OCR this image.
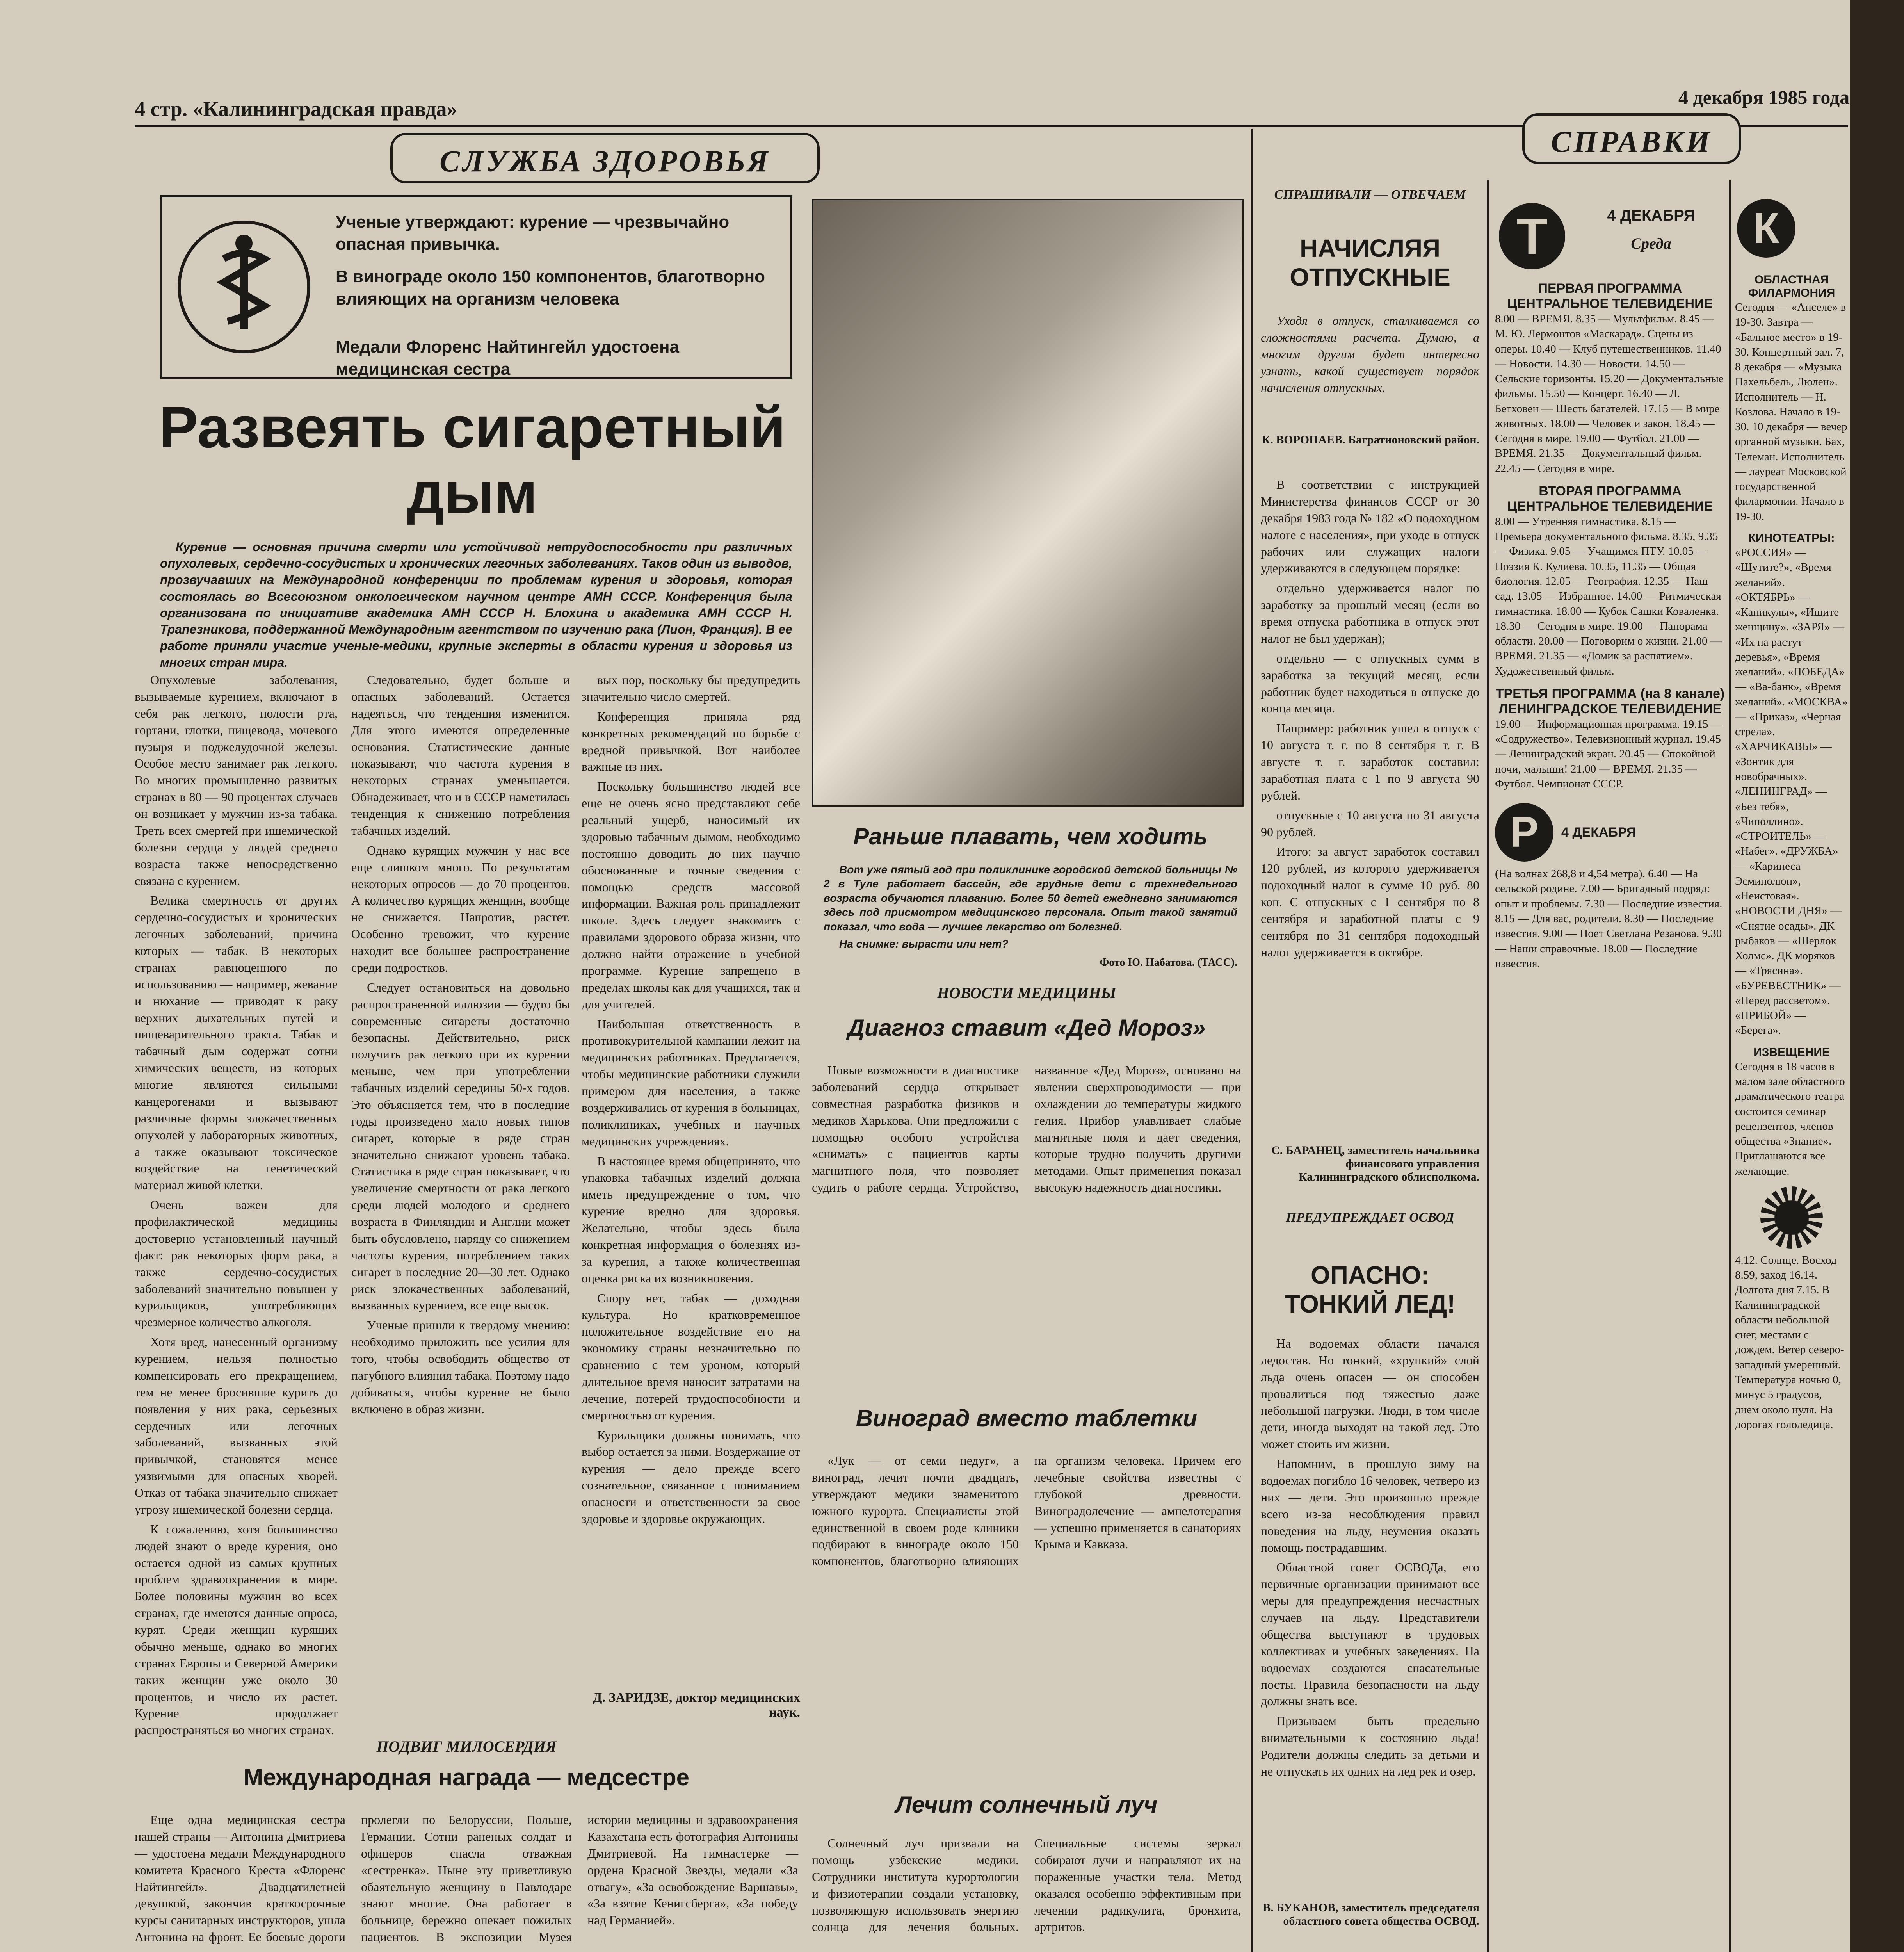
4 стр. «Калининградская правда»	4 декабря 1985 года
СЛУЖБА ЗДОРОВЬЯ
СПРАВКИ
Ученые утверждают: курение — чрезвычайно опасная привычка.
В винограде около 150 компонентов, благотворно влияющих на организм человека
Медали Флоренс Найтингейл удостоена медицинская сестра
Развеять сигаретный дым

Курение — основная причина смерти или устойчивой нетрудоспособности при различных опухолевых, сердечно-сосудистых и хронических легочных заболеваниях. Таков один из выводов, прозвучавших на Международной конференции по проблемам курения и здоровья, которая состоялась во Всесоюзном онкологическом научном центре АМН СССР. Конференция была организована по инициативе академика АМН СССР Н. Блохина и академика АМН СССР Н. Трапезникова, поддержанной Международным агентством по изучению рака (Лион, Франция). В ее работе приняли участие ученые-медики, крупные эксперты в области курения и здоровья из многих стран мира.

Опухолевые заболевания, вызываемые курением, включают в себя рак легкого, полости рта, гортани, глотки, пищевода, мочевого пузыря и поджелудочной железы. Особое место занимает рак легкого. Во многих промышленно развитых странах в 80 — 90 процентах случаев он возникает у мужчин из-за табака. Треть всех смертей при ишемической болезни сердца у людей среднего возраста также непосредственно связана с курением.

Велика смертность от других сердечно-сосудистых и хронических легочных заболеваний, причина которых — табак. В некоторых странах равноценного по использованию — например, жевание и нюхание — приводят к раку верхних дыхательных путей и пищеварительного тракта. Табак и табачный дым содержат сотни химических веществ, из которых многие являются сильными канцерогенами и вызывают различные формы злокачественных опухолей у лабораторных животных, а также оказывают токсическое воздействие на генетический материал живой клетки.

Очень важен для профилактической медицины достоверно установленный научный факт: рак некоторых форм рака, а также сердечно-сосудистых заболеваний значительно повышен у курильщиков, употребляющих чрезмерное количество алкоголя.

Хотя вред, нанесенный организму курением, нельзя полностью компенсировать его прекращением, тем не менее бросившие курить до появления у них рака, серьезных сердечных или легочных заболеваний, вызванных этой привычкой, становятся менее уязвимыми для опасных хворей. Отказ от табака значительно снижает угрозу ишемической болезни сердца.

К сожалению, хотя большинство людей знают о вреде курения, оно остается одной из самых крупных проблем здравоохранения в мире. Более половины мужчин во всех странах, где имеются данные опроса, курят. Среди женщин курящих обычно меньше, однако во многих странах Европы и Северной Америки таких женщин уже около 30 процентов, и число их растет. Курение продолжает распространяться во многих странах.

Следовательно, будет больше и опасных заболеваний. Остается надеяться, что тенденция изменится. Для этого имеются определенные основания. Статистические данные показывают, что частота курения в некоторых странах уменьшается. Обнадеживает, что и в СССР наметилась тенденция к снижению потребления табачных изделий.

Однако курящих мужчин у нас все еще слишком много. По результатам некоторых опросов — до 70 процентов. А количество курящих женщин, вообще не снижается. Напротив, растет. Особенно тревожит, что курение находит все большее распространение среди подростков.

Следует остановиться на довольно распространенной иллюзии — будто бы современные сигареты достаточно безопасны. Действительно, риск получить рак легкого при их курении меньше, чем при употреблении табачных изделий середины 50-х годов. Это объясняется тем, что в последние годы произведено мало новых типов сигарет, которые в ряде стран значительно снижают уровень табака. Статистика в ряде стран показывает, что увеличение смертности от рака легкого среди людей молодого и среднего возраста в Финляндии и Англии может быть обусловлено, наряду со снижением частоты курения, потреблением таких сигарет в последние 20—30 лет. Однако риск злокачественных заболеваний, вызванных курением, все еще высок.

Ученые пришли к твердому мнению: необходимо приложить все усилия для того, чтобы освободить общество от пагубного влияния табака. Поэтому надо добиваться, чтобы курение не было включено в образ жизни.

вых пор, поскольку бы предупредить значительно число смертей.

Конференция приняла ряд конкретных рекомендаций по борьбе с вредной привычкой. Вот наиболее важные из них.

Поскольку большинство людей все еще не очень ясно представляют себе реальный ущерб, наносимый их здоровью табачным дымом, необходимо постоянно доводить до них научно обоснованные и точные сведения с помощью средств массовой информации. Важная роль принадлежит школе. Здесь следует знакомить с правилами здорового образа жизни, что должно найти отражение в учебной программе. Курение запрещено в пределах школы как для учащихся, так и для учителей.

Наибольшая ответственность в противокурительной кампании лежит на медицинских работниках. Предлагается, чтобы медицинские работники служили примером для населения, а также воздерживались от курения в больницах, поликлиниках, учебных и научных медицинских учреждениях.

В настоящее время общепринято, что упаковка табачных изделий должна иметь предупреждение о том, что курение вредно для здоровья. Желательно, чтобы здесь была конкретная информация о болезнях из-за курения, а также количественная оценка риска их возникновения.

Спору нет, табак — доходная культура. Но кратковременное положительное воздействие его на экономику страны незначительно по сравнению с тем уроном, который длительное время наносит затратами на лечение, потерей трудоспособности и смертностью от курения.

Курильщики должны понимать, что выбор остается за ними. Воздержание от курения — дело прежде всего сознательное, связанное с пониманием опасности и ответственности за свое здоровье и здоровье окружающих.

Д. ЗАРИДЗЕ, доктор медицинских наук.
Раньше плавать, чем ходить

Вот уже пятый год при поликлинике городской детской больницы № 2 в Туле работает бассейн, где грудные дети с трехнедельного возраста обучаются плаванию. Более 50 детей ежедневно занимаются здесь под присмотром медицинского персонала. Опыт такой занятий показал, что вода — лучшее лекарство от болезней.

На снимке: вырасти или нет?

Фото Ю. Набатова. (ТАСС).
НОВОСТИ МЕДИЦИНЫ
Диагноз ставит «Дед Мороз»

Новые возможности в диагностике заболеваний сердца открывает совместная разработка физиков и медиков Харькова. Они предложили с помощью особого устройства «снимать» с пациентов карты магнитного поля, что позволяет судить о работе сердца. Устройство, названное «Дед Мороз», основано на явлении сверхпроводимости — при охлаждении до температуры жидкого гелия. Прибор улавливает слабые магнитные поля и дает сведения, которые трудно получить другими методами. Опыт применения показал высокую надежность диагностики.

Виноград вместо таблетки

«Лук — от семи недуг», а виноград, лечит почти двадцать, утверждают медики знаменитого южного курорта. Специалисты этой единственной в своем роде клиники подбирают в винограде около 150 компонентов, благотворно влияющих на организм человека. Причем его лечебные свойства известны с глубокой древности. Виноградолечение — ампелотерапия — успешно применяется в санаториях Крыма и Кавказа.

Лечит солнечный луч

Солнечный луч призвали на помощь узбекские медики. Сотрудники института курортологии и физиотерапии создали установку, позволяющую использовать энергию солнца для лечения больных. Специальные системы зеркал собирают лучи и направляют их на пораженные участки тела. Метод оказался особенно эффективным при лечении радикулита, бронхита, артритов.

ПОДВИГ МИЛОСЕРДИЯ
Международная награда — медсестре

Еще одна медицинская сестра нашей страны — Антонина Дмитриева — удостоена медали Международного комитета Красного Креста «Флоренс Найтингейл». Двадцатилетней девушкой, закончив краткосрочные курсы санитарных инструкторов, ушла Антонина на фронт. Ее боевые дороги пролегли по Белоруссии, Польше, Германии. Сотни раненых солдат и офицеров спасла отважная «сестренка». Ныне эту приветливую обаятельную женщину в Павлодаре знают многие. Она работает в больнице, бережно опекает пожилых пациентов. В экспозиции Музея истории медицины и здравоохранения Казахстана есть фотография Антонины Дмитриевой. На гимнастерке — ордена Красной Звезды, медали «За отвагу», «За освобождение Варшавы», «За взятие Кенигсберга», «За победу над Германией».

СПРАШИВАЛИ — ОТВЕЧАЕМ
НАЧИСЛЯЯ ОТПУСКНЫЕ

Уходя в отпуск, сталкиваемся со сложностями расчета. Думаю, а многим другим будет интересно узнать, какой существует порядок начисления отпускных.

К. ВОРОПАЕВ. Багратионовский район.

В соответствии с инструкцией Министерства финансов СССР от 30 декабря 1983 года № 182 «О подоходном налоге с населения», при уходе в отпуск рабочих или служащих налоги удерживаются в следующем порядке:

отдельно удерживается налог по заработку за прошлый месяц (если во время отпуска работника в отпуск этот налог не был удержан);

отдельно — с отпускных сумм в заработка за текущий месяц, если работник будет находиться в отпуске до конца месяца.

Например: работник ушел в отпуск с 10 августа т. г. по 8 сентября т. г. В августе т. г. заработок составил: заработная плата с 1 по 9 августа 90 рублей.

отпускные с 10 августа по 31 августа 90 рублей.

Итого: за август заработок составил 120 рублей, из которого удерживается подоходный налог в сумме 10 руб. 80 коп. С отпускных с 1 сентября по 8 сентября и заработной платы с 9 сентября по 31 сентября подоходный налог удерживается в октябре.

С. БАРАНЕЦ, заместитель начальника финансового управления Калининградского облисполкома.
ПРЕДУПРЕЖДАЕТ ОСВОД
ОПАСНО: ТОНКИЙ ЛЕД!

На водоемах области начался ледостав. Но тонкий, «хрупкий» слой льда очень опасен — он способен провалиться под тяжестью даже небольшой нагрузки. Люди, в том числе дети, иногда выходят на такой лед. Это может стоить им жизни.

Напомним, в прошлую зиму на водоемах погибло 16 человек, четверо из них — дети. Это произошло прежде всего из-за несоблюдения правил поведения на льду, неумения оказать помощь пострадавшим.

Областной совет ОСВОДа, его первичные организации принимают все меры для предупреждения несчастных случаев на льду. Представители общества выступают в трудовых коллективах и учебных заведениях. На водоемах создаются спасательные посты. Правила безопасности на льду должны знать все.

Призываем быть предельно внимательными к состоянию льда! Родители должны следить за детьми и не отпускать их одних на лед рек и озер.

В. БУКАНОВ, заместитель председателя областного совета общества ОСВОД.
Т	4 ДЕКАБРЯ
Среда
ПЕРВАЯ ПРОГРАММА ЦЕНТРАЛЬНОЕ ТЕЛЕВИДЕНИЕ
8.00 — ВРЕМЯ. 8.35 — Мультфильм. 8.45 — М. Ю. Лермонтов «Маскарад». Сцены из оперы. 10.40 — Клуб путешественников. 11.40 — Новости. 14.30 — Новости. 14.50 — Сельские горизонты. 15.20 — Документальные фильмы. 15.50 — Концерт. 16.40 — Л. Бетховен — Шесть багателей. 17.15 — В мире животных. 18.00 — Человек и закон. 18.45 — Сегодня в мире. 19.00 — Футбол. 21.00 — ВРЕМЯ. 21.35 — Документальный фильм. 22.45 — Сегодня в мире.
ВТОРАЯ ПРОГРАММА ЦЕНТРАЛЬНОЕ ТЕЛЕВИДЕНИЕ
8.00 — Утренняя гимнастика. 8.15 — Премьера документального фильма. 8.35, 9.35 — Физика. 9.05 — Учащимся ПТУ. 10.05 — Поэзия К. Кулиева. 10.35, 11.35 — Общая биология. 12.05 — География. 12.35 — Наш сад. 13.05 — Избранное. 14.00 — Ритмическая гимнастика. 18.00 — Кубок Сашки Коваленка. 18.30 — Сегодня в мире. 19.00 — Панорама области. 20.00 — Поговорим о жизни. 21.00 — ВРЕМЯ. 21.35 — «Домик за распятием». Художественный фильм.
ТРЕТЬЯ ПРОГРАММА (на 8 канале) ЛЕНИНГРАДСКОЕ ТЕЛЕВИДЕНИЕ
19.00 — Информационная программа. 19.15 — «Содружество». Телевизионный журнал. 19.45 — Ленинградский экран. 20.45 — Спокойной ночи, малыши! 21.00 — ВРЕМЯ. 21.35 — Футбол. Чемпионат СССР.
Р	4 ДЕКАБРЯ
(На волнах 268,8 и 4,54 метра). 6.40 — На сельской родине. 7.00 — Бригадный подряд: опыт и проблемы. 7.30 — Последние известия. 8.15 — Для вас, родители. 8.30 — Последние известия. 9.00 — Поет Светлана Резанова. 9.30 — Наши справочные. 18.00 — Последние известия.
К
ОБЛАСТНАЯ ФИЛАРМОНИЯ
Сегодня — «Анселе» в 19-30. Завтра — «Бальное место» в 19-30. Концертный зал. 7, 8 декабря — «Музыка Пахельбель, Люлен». Исполнитель — Н. Козлова. Начало в 19-30. 10 декабря — вечер органной музыки. Бах, Телеман. Исполнитель — лауреат Московской государственной филармонии. Начало в 19-30.
КИНОТЕАТРЫ:
«РОССИЯ» — «Шутите?», «Время желаний». «ОКТЯБРЬ» — «Каникулы», «Ищите женщину». «ЗАРЯ» — «Их на растут деревья», «Время желаний». «ПОБЕДА» — «Ва-банк», «Время желаний». «МОСКВА» — «Приказ», «Черная стрела». «ХАРЧИКАВЫ» — «Зонтик для новобрачных». «ЛЕНИНГРАД» — «Без тебя», «Чиполлино». «СТРОИТЕЛЬ» — «Набег». «ДРУЖБА» — «Каринеса Эсминолюн», «Неистовая». «НОВОСТИ ДНЯ» — «Снятие осады». ДК рыбаков — «Шерлок Холмс». ДК моряков — «Трясина». «БУРЕВЕСТНИК» — «Перед рассветом». «ПРИБОЙ» — «Берега».
ИЗВЕЩЕНИЕ
Сегодня в 18 часов в малом зале областного драматического театра состоится семинар рецензентов, членов общества «Знание». Приглашаются все желающие.
4.12. Солнце. Восход 8.59, заход 16.14. Долгота дня 7.15. В Калининградской области небольшой снег, местами с дождем. Ветер северо-западный умеренный. Температура ночью 0, минус 5 градусов, днем около нуля. На дорогах гололедица.
